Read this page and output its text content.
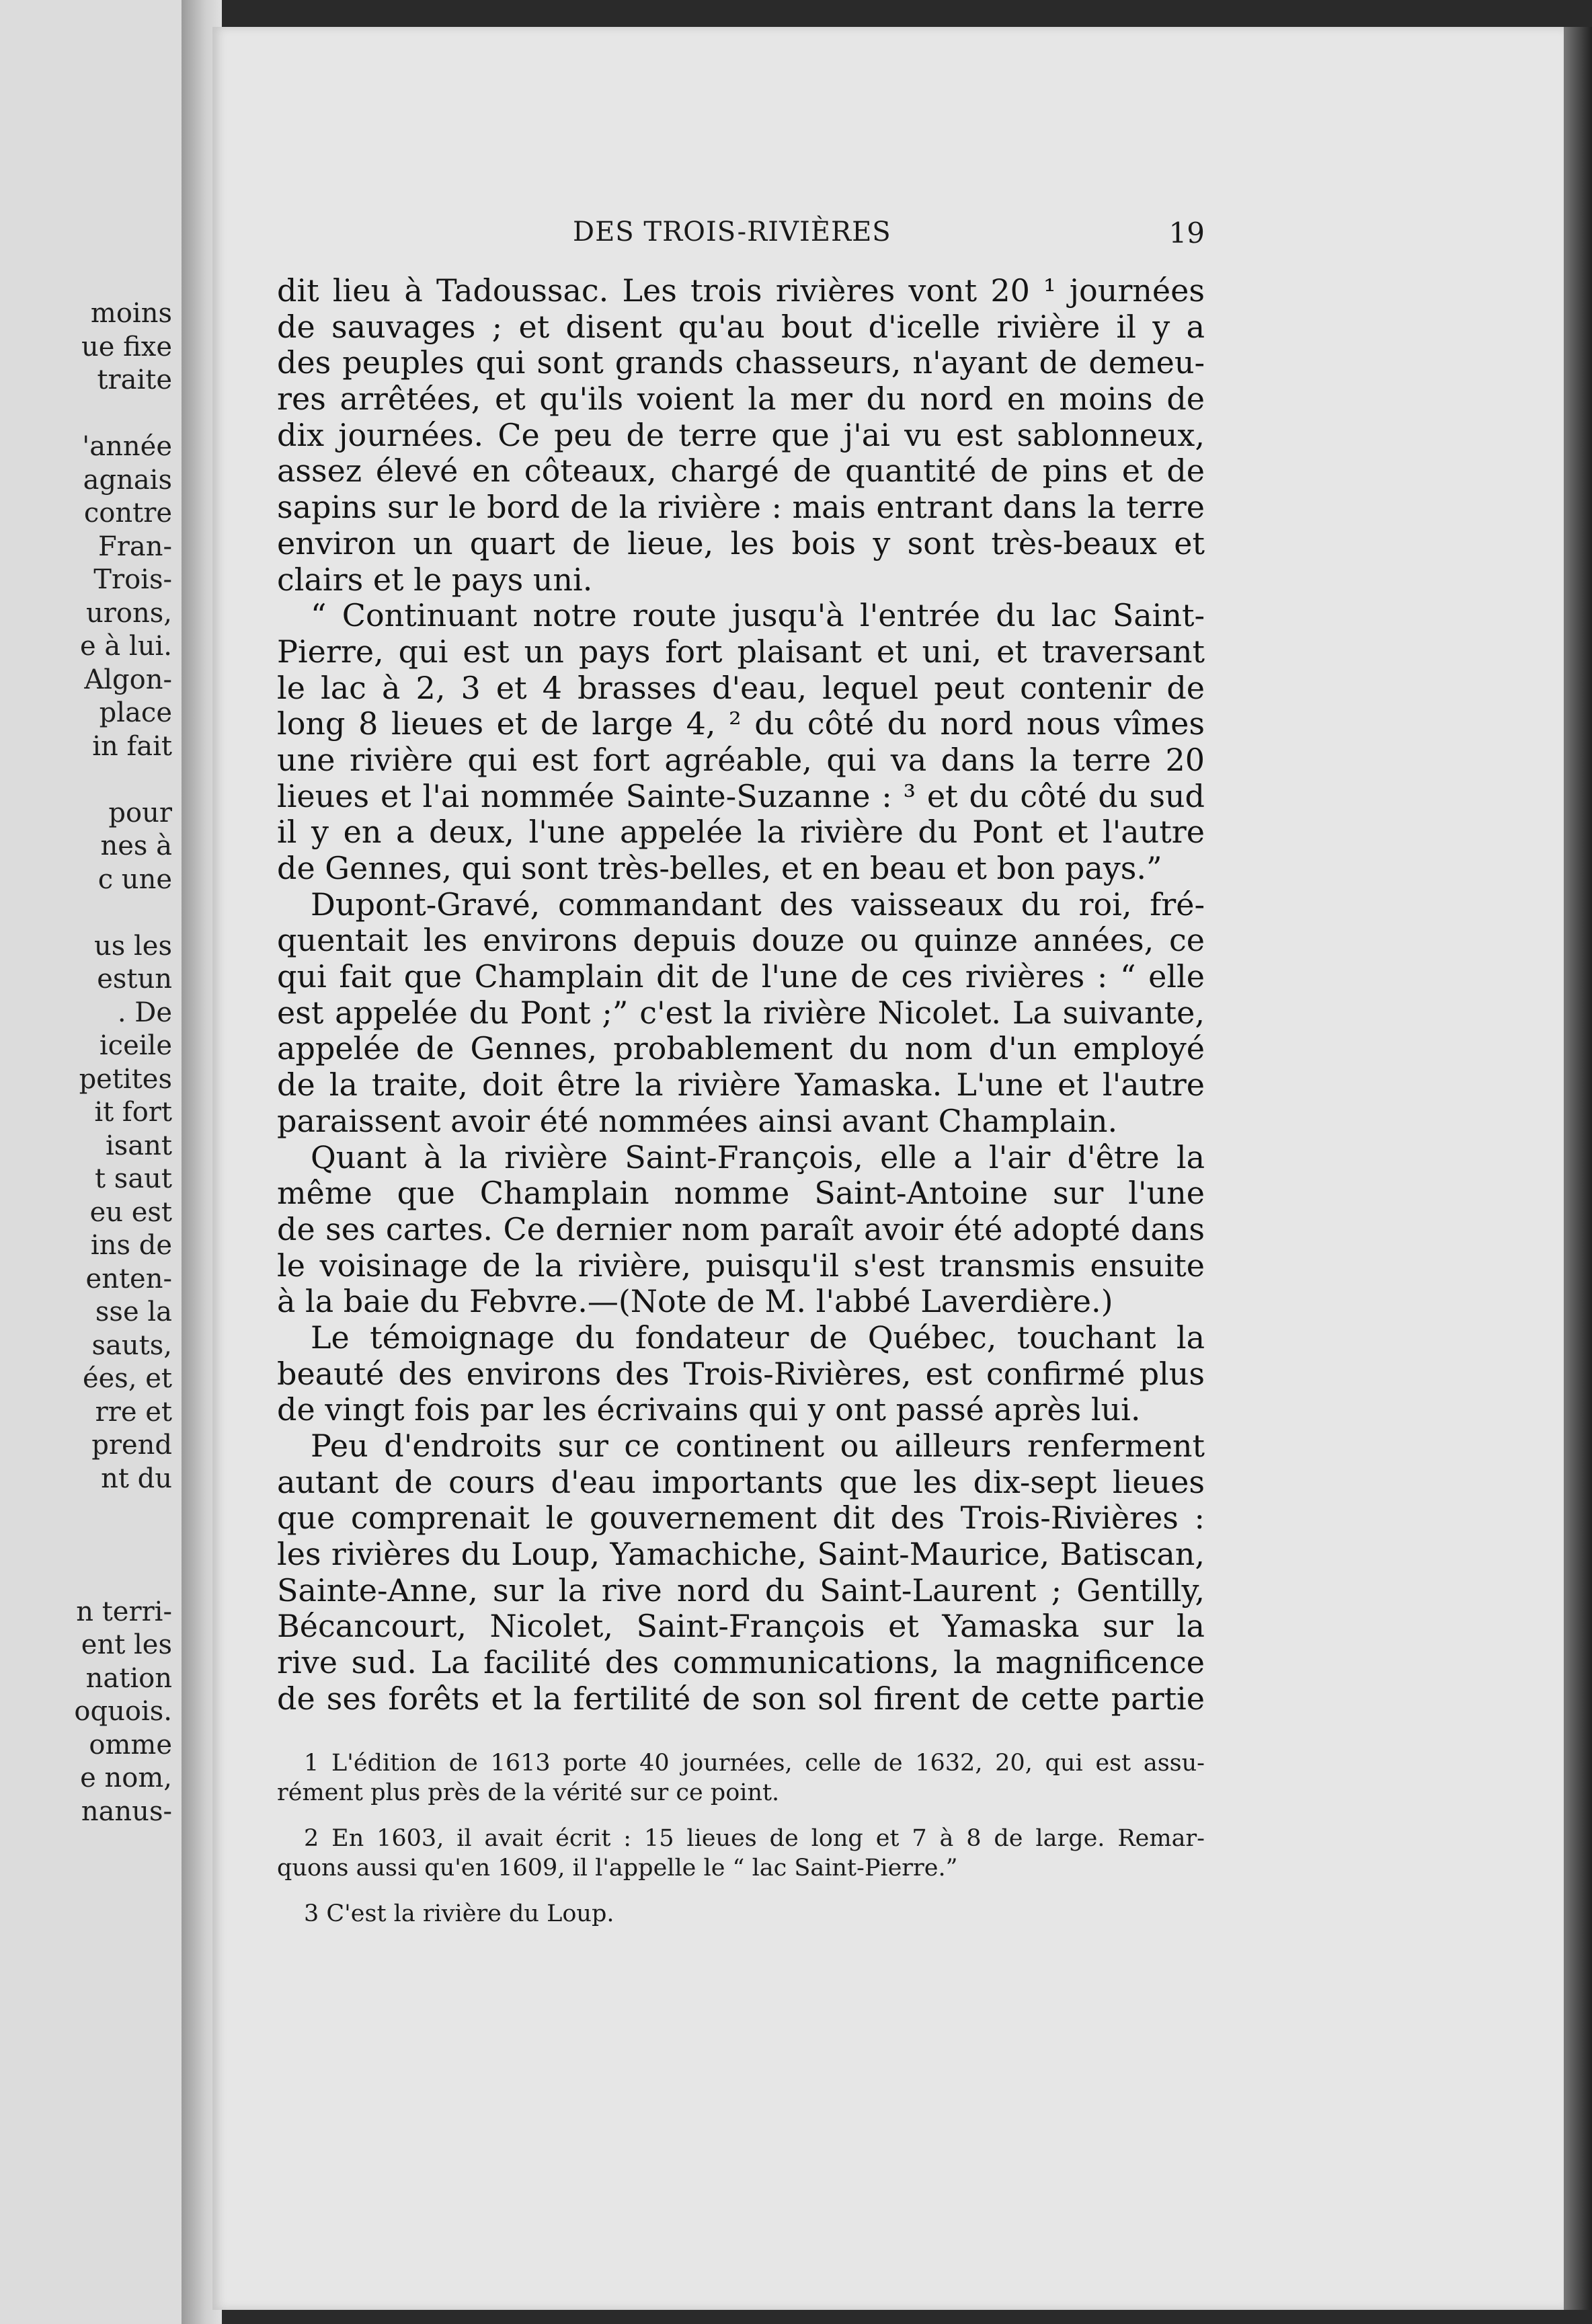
moins
ue fixe
traite
'année
agnais
contre
Fran-
Trois-
urons,
e à lui.
Algon-
place
in fait
pour
nes à
c une
us les
estun
. De
iceile
petites
it fort
isant
t saut
eu est
ins de
enten-
sse la
sauts,
ées, et
rre et
prend
nt du
n terri-
ent les
nation
oquois.
omme
e nom,
nanus-
DES TROIS-RIVIÈRES	19
dit lieu à Tadoussac. Les trois rivières vont 20 ¹ journées
de sauvages ; et disent qu'au bout d'icelle rivière il y a
des peuples qui sont grands chasseurs, n'ayant de demeu-
res arrêtées, et qu'ils voient la mer du nord en moins de
dix journées. Ce peu de terre que j'ai vu est sablonneux,
assez élevé en côteaux, chargé de quantité de pins et de
sapins sur le bord de la rivière : mais entrant dans la terre
environ un quart de lieue, les bois y sont très-beaux et
clairs et le pays uni.
“ Continuant notre route jusqu'à l'entrée du lac Saint-
Pierre, qui est un pays fort plaisant et uni, et traversant
le lac à 2, 3 et 4 brasses d'eau, lequel peut contenir de
long 8 lieues et de large 4, ² du côté du nord nous vîmes
une rivière qui est fort agréable, qui va dans la terre 20
lieues et l'ai nommée Sainte-Suzanne : ³ et du côté du sud
il y en a deux, l'une appelée la rivière du Pont et l'autre
de Gennes, qui sont très-belles, et en beau et bon pays.”
Dupont-Gravé, commandant des vaisseaux du roi, fré-
quentait les environs depuis douze ou quinze années, ce
qui fait que Champlain dit de l'une de ces rivières : “ elle
est appelée du Pont ;” c'est la rivière Nicolet. La suivante,
appelée de Gennes, probablement du nom d'un employé
de la traite, doit être la rivière Yamaska. L'une et l'autre
paraissent avoir été nommées ainsi avant Champlain.
Quant à la rivière Saint-François, elle a l'air d'être la
même que Champlain nomme Saint-Antoine sur l'une
de ses cartes. Ce dernier nom paraît avoir été adopté dans
le voisinage de la rivière, puisqu'il s'est transmis ensuite
à la baie du Febvre.—(Note de M. l'abbé Laverdière.)
Le témoignage du fondateur de Québec, touchant la
beauté des environs des Trois-Rivières, est confirmé plus
de vingt fois par les écrivains qui y ont passé après lui.
Peu d'endroits sur ce continent ou ailleurs renferment
autant de cours d'eau importants que les dix-sept lieues
que comprenait le gouvernement dit des Trois-Rivières :
les rivières du Loup, Yamachiche, Saint-Maurice, Batiscan,
Sainte-Anne, sur la rive nord du Saint-Laurent ; Gentilly,
Bécancourt, Nicolet, Saint-François et Yamaska sur la
rive sud. La facilité des communications, la magnificence
de ses forêts et la fertilité de son sol firent de cette partie
1 L'édition de 1613 porte 40 journées, celle de 1632, 20, qui est assu-
rément plus près de la vérité sur ce point.
2 En 1603, il avait écrit : 15 lieues de long et 7 à 8 de large. Remar-
quons aussi qu'en 1609, il l'appelle le “ lac Saint-Pierre.”
3 C'est la rivière du Loup.
